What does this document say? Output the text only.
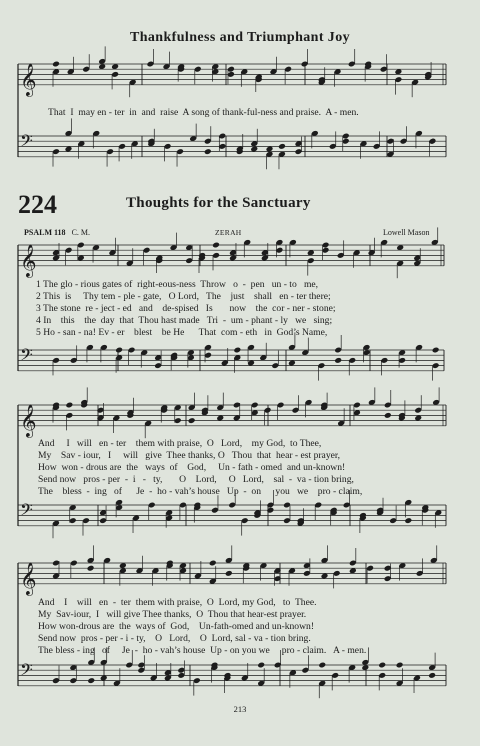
Thankfulness and Triumphant Joy
224	Thoughts for the Sanctuary
PSALM 118 C. M.	ZERAH	Lowell Mason
That  I  may en - ter  in  and  raise  A song of thank-ful-ness and praise.  A - men.
1 The glo - rious gates of  right-eous-ness  Throw   o  -  pen   un - to   me,
2 This  is     Thy tem - ple - gate,   O Lord,   The    just    shall   en - ter there;
3 The stone  re - ject - ed   and    de-spised   Is       now    the  cor - ner - stone;
4 In    this    the  day  that  Thou hast made   Tri  -  um - phant - ly   we   sing;
5 Ho - san - na! Ev - er    blest    be He      That  com - eth   in  God’s Name,
And     I   will   en - ter    them with praise,  O   Lord,    my God,  to Thee,
My    Sav - iour,   I     will   give  Thee thanks, O   Thou  that  hear - est prayer,
How  won - drous are  the   ways  of    God,     Un - fath - omed  and un-known!
Send now   pros - per  -  i   -   ty,       O    Lord,     O   Lord,    sal  -  va - tion bring,
The    bless  -  ing   of      Je  -  ho - vah’s house   Up  -  on      you   we    pro - claim,
And    I    will   en  -  ter  them with praise,  O  Lord, my God,   to  Thee.
My  Sav-iour,  I   will give Thee thanks,  O  Thou that hear-est prayer.
How won-drous are  the  ways of  God,    Un-fath-omed and un-known!
Send now  pros - per - i - ty,    O   Lord,    O  Lord, sal - va - tion bring.
The bless - ing   of     Je  -  ho - vah’s house  Up - on you we     pro - claim.   A - men.
213
𝄞
𝄢
𝄞
𝄢
𝄞
𝄢
𝄞
𝄢
